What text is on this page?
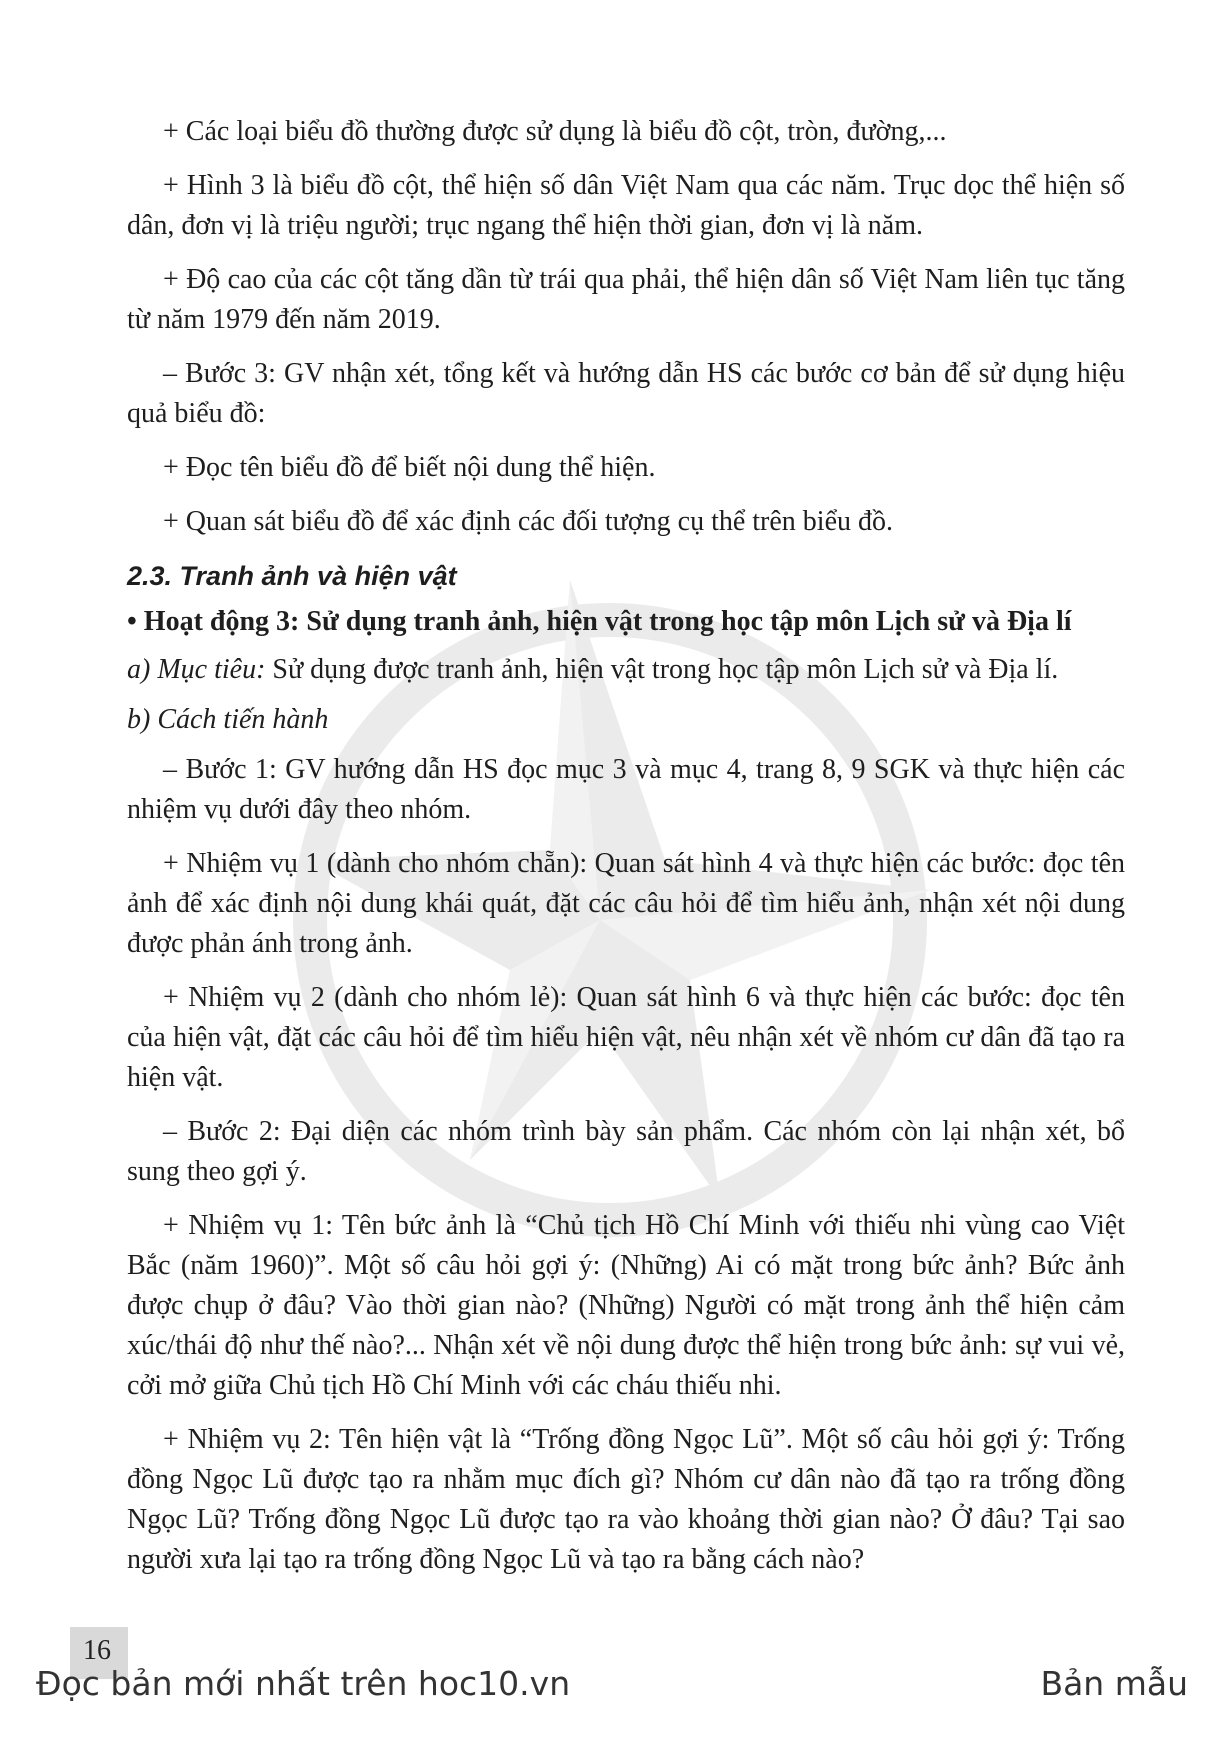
+ Các loại biểu đồ thường được sử dụng là biểu đồ cột, tròn, đường,...

+ Hình 3 là biểu đồ cột, thể hiện số dân Việt Nam qua các năm. Trục dọc thể hiện số dân, đơn vị là triệu người; trục ngang thể hiện thời gian, đơn vị là năm.

+ Độ cao của các cột tăng dần từ trái qua phải, thể hiện dân số Việt Nam liên tục tăng từ năm 1979 đến năm 2019.

– Bước 3: GV nhận xét, tổng kết và hướng dẫn HS các bước cơ bản để sử dụng hiệu quả biểu đồ:

+ Đọc tên biểu đồ để biết nội dung thể hiện.

+ Quan sát biểu đồ để xác định các đối tượng cụ thể trên biểu đồ.

2.3. Tranh ảnh và hiện vật

• Hoạt động 3: Sử dụng tranh ảnh, hiện vật trong học tập môn Lịch sử và Địa lí

a) Mục tiêu: Sử dụng được tranh ảnh, hiện vật trong học tập môn Lịch sử và Địa lí.

b) Cách tiến hành

– Bước 1: GV hướng dẫn HS đọc mục 3 và mục 4, trang 8, 9 SGK và thực hiện các nhiệm vụ dưới đây theo nhóm.

+ Nhiệm vụ 1 (dành cho nhóm chẵn): Quan sát hình 4 và thực hiện các bước: đọc tên ảnh để xác định nội dung khái quát, đặt các câu hỏi để tìm hiểu ảnh, nhận xét nội dung được phản ánh trong ảnh.

+ Nhiệm vụ 2 (dành cho nhóm lẻ): Quan sát hình 6 và thực hiện các bước: đọc tên của hiện vật, đặt các câu hỏi để tìm hiểu hiện vật, nêu nhận xét về nhóm cư dân đã tạo ra hiện vật.

– Bước 2: Đại diện các nhóm trình bày sản phẩm. Các nhóm còn lại nhận xét, bổ sung theo gợi ý.

+ Nhiệm vụ 1: Tên bức ảnh là “Chủ tịch Hồ Chí Minh với thiếu nhi vùng cao Việt Bắc (năm 1960)”. Một số câu hỏi gợi ý: (Những) Ai có mặt trong bức ảnh? Bức ảnh được chụp ở đâu? Vào thời gian nào? (Những) Người có mặt trong ảnh thể hiện cảm xúc/thái độ như thế nào?... Nhận xét về nội dung được thể hiện trong bức ảnh: sự vui vẻ, cởi mở giữa Chủ tịch Hồ Chí Minh với các cháu thiếu nhi.

+ Nhiệm vụ 2: Tên hiện vật là “Trống đồng Ngọc Lũ”. Một số câu hỏi gợi ý: Trống đồng Ngọc Lũ được tạo ra nhằm mục đích gì? Nhóm cư dân nào đã tạo ra trống đồng Ngọc Lũ? Trống đồng Ngọc Lũ được tạo ra vào khoảng thời gian nào? Ở đâu? Tại sao người xưa lại tạo ra trống đồng Ngọc Lũ và tạo ra bằng cách nào?

16
Đọc bản mới nhất trên hoc10.vn	Bản mẫu
